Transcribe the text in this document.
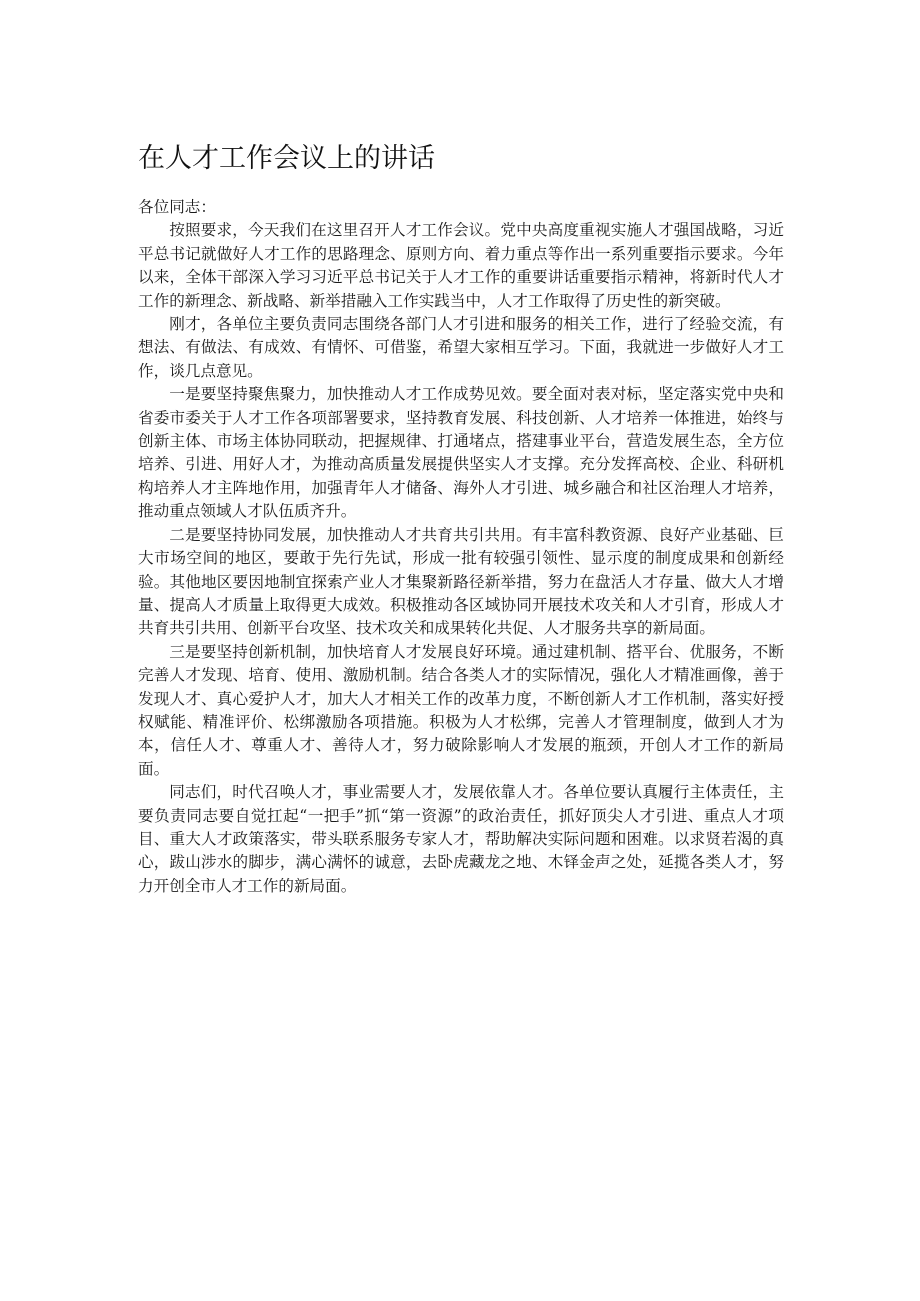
在人才工作会议上的讲话

各位同志：

按照要求，今天我们在这里召开人才工作会议。党中央高度重视实施人才强国战略，习近平总书记就做好人才工作的思路理念、原则方向、着力重点等作出一系列重要指示要求。今年以来，全体干部深入学习习近平总书记关于人才工作的重要讲话重要指示精神，将新时代人才工作的新理念、新战略、新举措融入工作实践当中，人才工作取得了历史性的新突破。

刚才，各单位主要负责同志围绕各部门人才引进和服务的相关工作，进行了经验交流，有想法、有做法、有成效、有情怀、可借鉴，希望大家相互学习。下面，我就进一步做好人才工作，谈几点意见。

一是要坚持聚焦聚力，加快推动人才工作成势见效。要全面对表对标，坚定落实党中央和省委市委关于人才工作各项部署要求，坚持教育发展、科技创新、人才培养一体推进，始终与创新主体、市场主体协同联动，把握规律、打通堵点，搭建事业平台，营造发展生态，全方位培养、引进、用好人才，为推动高质量发展提供坚实人才支撑。充分发挥高校、企业、科研机构培养人才主阵地作用，加强青年人才储备、海外人才引进、城乡融合和社区治理人才培养，推动重点领域人才队伍质齐升。

二是要坚持协同发展，加快推动人才共育共引共用。有丰富科教资源、良好产业基础、巨大市场空间的地区，要敢于先行先试，形成一批有较强引领性、显示度的制度成果和创新经验。其他地区要因地制宜探索产业人才集聚新路径新举措，努力在盘活人才存量、做大人才增量、提高人才质量上取得更大成效。积极推动各区域协同开展技术攻关和人才引育，形成人才共育共引共用、创新平台攻坚、技术攻关和成果转化共促、人才服务共享的新局面。

三是要坚持创新机制，加快培育人才发展良好环境。通过建机制、搭平台、优服务，不断完善人才发现、培育、使用、激励机制。结合各类人才的实际情况，强化人才精准画像，善于发现人才、真心爱护人才，加大人才相关工作的改革力度，不断创新人才工作机制，落实好授权赋能、精准评价、松绑激励各项措施。积极为人才松绑，完善人才管理制度，做到人才为本，信任人才、尊重人才、善待人才，努力破除影响人才发展的瓶颈，开创人才工作的新局面。

同志们，时代召唤人才，事业需要人才，发展依靠人才。各单位要认真履行主体责任，主要负责同志要自觉扛起“一把手”抓“第一资源”的政治责任，抓好顶尖人才引进、重点人才项目、重大人才政策落实，带头联系服务专家人才，帮助解决实际问题和困难。以求贤若渴的真心，跋山涉水的脚步，满心满怀的诚意，去卧虎藏龙之地、木铎金声之处，延揽各类人才，努力开创全市人才工作的新局面。
